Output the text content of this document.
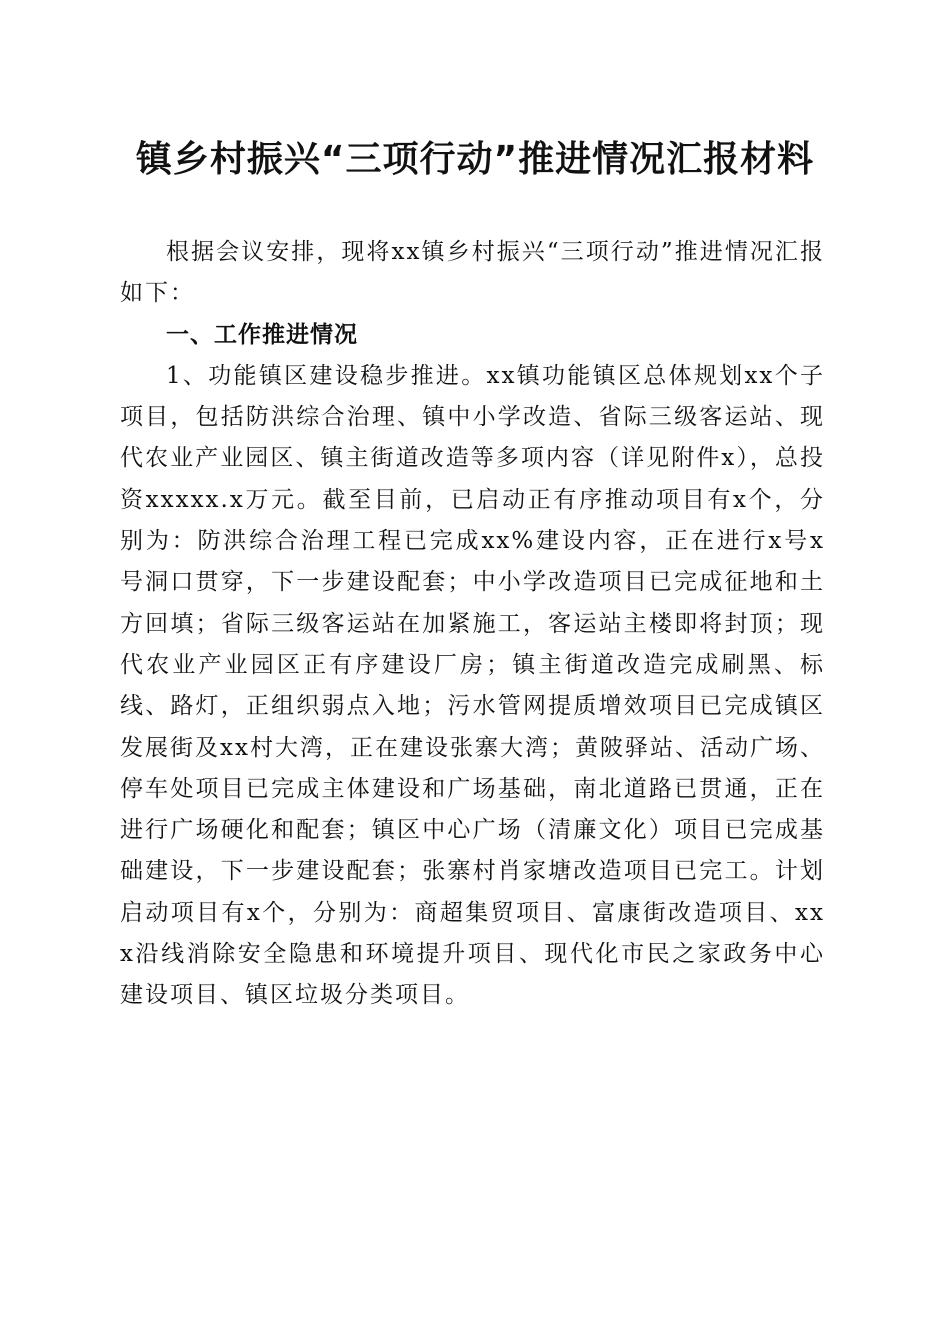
镇乡村振兴“三项行动”推进情况汇报材料

根据会议安排，现将xx镇乡村振兴“三项行动”推进情况汇报如下：

一、工作推进情况

1、功能镇区建设稳步推进。xx镇功能镇区总体规划xx个子项目，包括防洪综合治理、镇中小学改造、省际三级客运站、现代农业产业园区、镇主街道改造等多项内容（详见附件x），总投资xxxxx.x万元。截至目前，已启动正有序推动项目有x个，分别为：防洪综合治理工程已完成xx%建设内容，正在进行x号x号洞口贯穿，下一步建设配套；中小学改造项目已完成征地和土方回填；省际三级客运站在加紧施工，客运站主楼即将封顶；现代农业产业园区正有序建设厂房；镇主街道改造完成刷黑、标线、路灯，正组织弱点入地；污水管网提质增效项目已完成镇区发展街及xx村大湾，正在建设张寨大湾；黄陂驿站、活动广场、停车处项目已完成主体建设和广场基础，南北道路已贯通，正在进行广场硬化和配套；镇区中心广场（清廉文化）项目已完成基础建设，下一步建设配套；张寨村肖家塘改造项目已完工。计划启动项目有x个，分别为：商超集贸项目、富康街改造项目、xxx沿线消除安全隐患和环境提升项目、现代化市民之家政务中心建设项目、镇区垃圾分类项目。
